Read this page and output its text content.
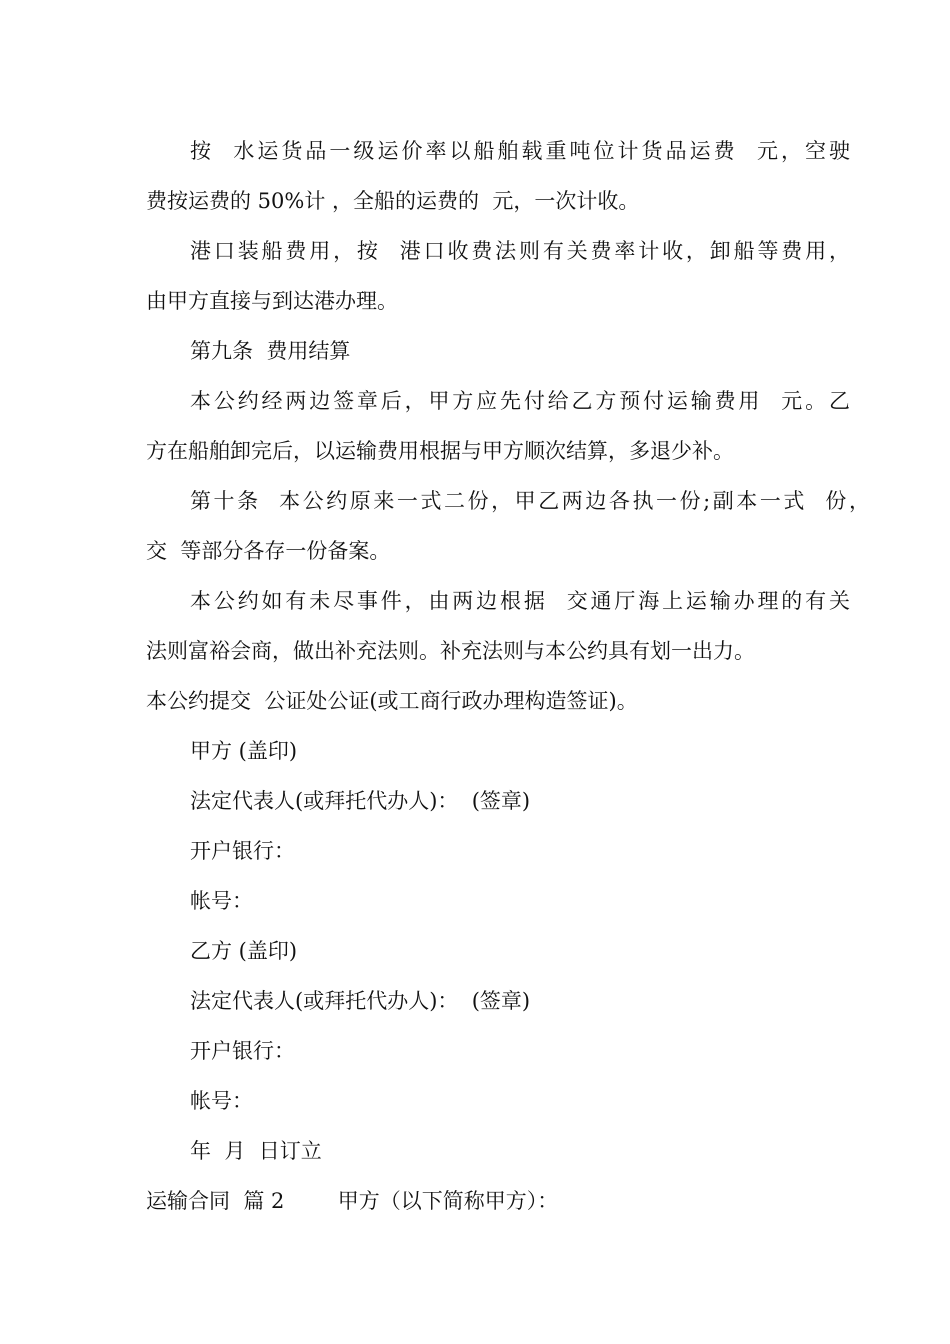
按  水运货品一级运价率以船舶载重吨位计货品运费  元，空驶
费按运费的 50%计 ，全船的运费的  元，一次计收。
港口装船费用，按  港口收费法则有关费率计收，卸船等费用，
由甲方直接与到达港办理。
第九条  费用结算
本公约经两边签章后，甲方应先付给乙方预付运输费用  元。乙
方在船舶卸完后，以运输费用根据与甲方顺次结算，多退少补。
第十条  本公约原来一式二份，甲乙两边各执一份;副本一式  份，
交  等部分各存一份备案。
本公约如有未尽事件，由两边根据  交通厅海上运输办理的有关
法则富裕会商，做出补充法则。补充法则与本公约具有划一出力。
本公约提交  公证处公证(或工商行政办理构造签证)。
甲方 (盖印)
法定代表人(或拜托代办人)：  (签章)
开户银行：
帐号：
乙方 (盖印)
法定代表人(或拜托代办人)：  (签章)
开户银行：
帐号：
年  月  日订立
运输合同  篇 2        甲方（以下简称甲方）：
